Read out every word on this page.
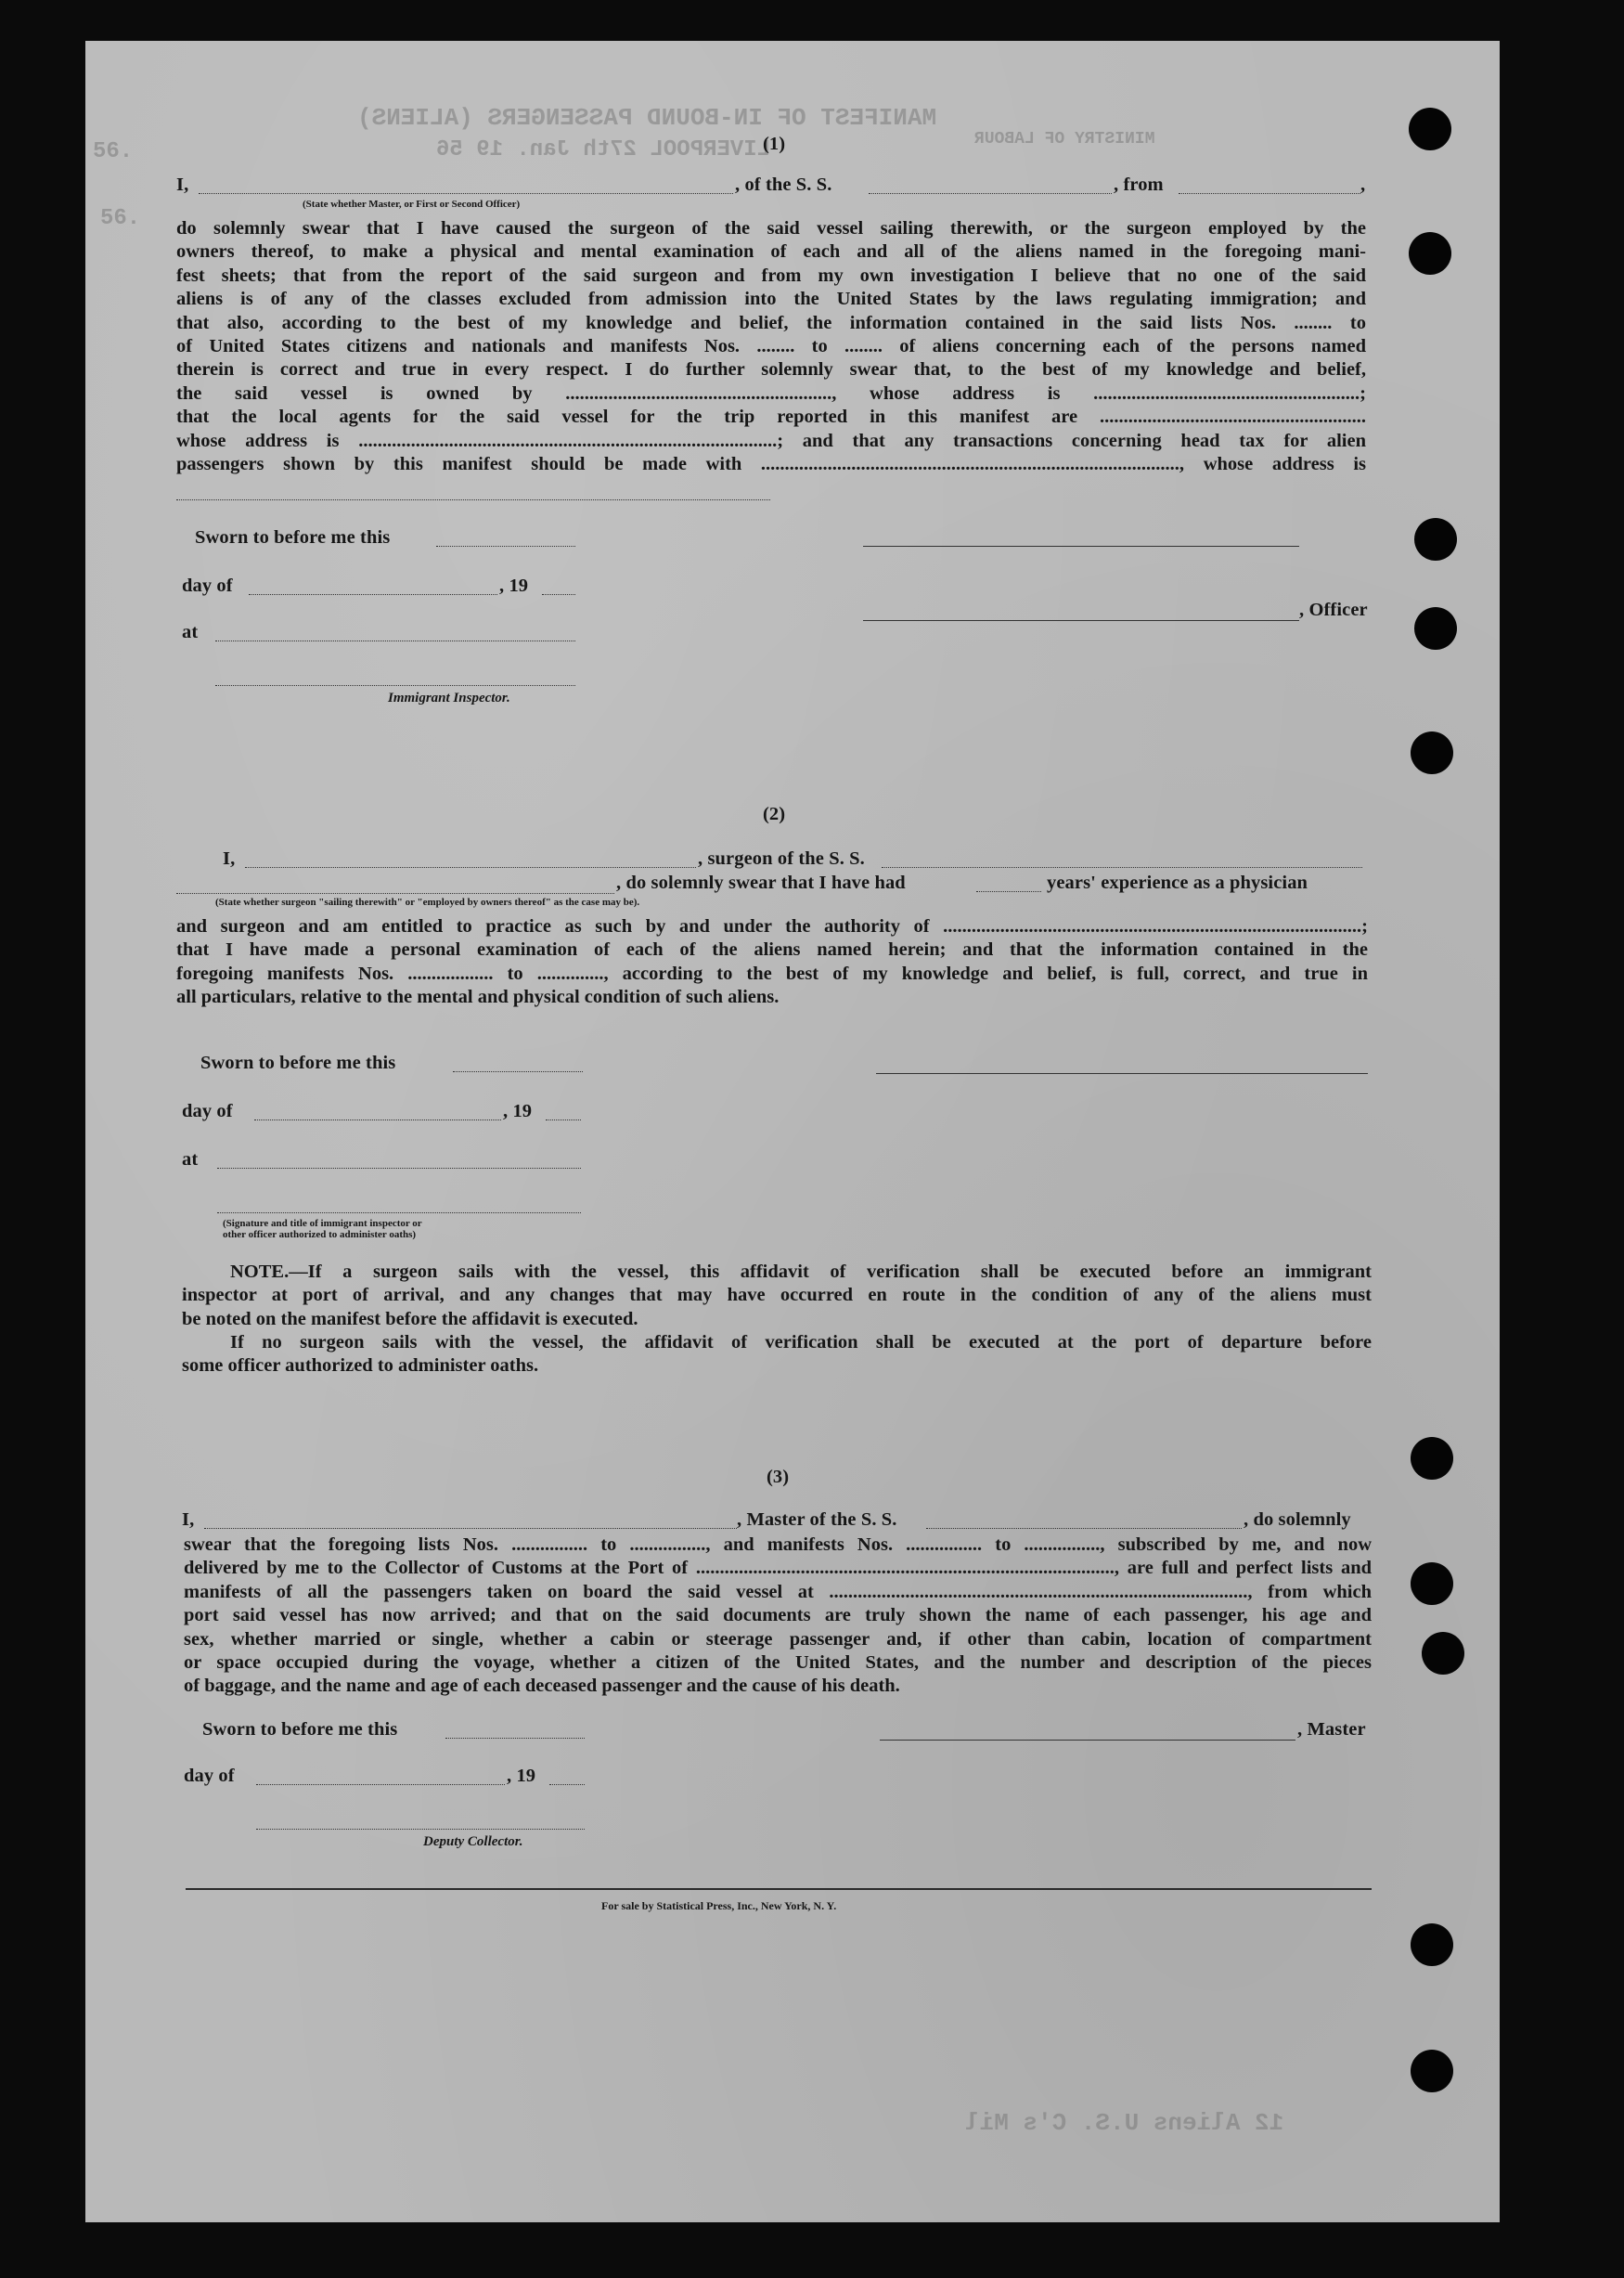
MANIFEST OF IN-BOUND PASSENGERS (ALIENS)
LIVERPOOL 27th Jan. 19 56	MINISTRY OF LABOUR
56.
56.
12 Aliens U.S. C's Mil
(1)
I,	, of the S. S.	, from	,
(State whether Master, or First or Second Officer)
do solemnly swear that I have caused the surgeon of the said vessel sailing therewith, or the surgeon employed by the
owners thereof, to make a physical and mental examination of each and all of the aliens named in the foregoing mani-
fest sheets; that from the report of the said surgeon and from my own investigation I believe that no one of the said
aliens is of any of the classes excluded from admission into the United States by the laws regulating immigration; and
that also, according to the best of my knowledge and belief, the information contained in the said lists Nos. ........ to
of United States citizens and nationals and manifests Nos. ........ to ........ of aliens concerning each of the persons named
therein is correct and true in every respect. I do further solemnly swear that, to the best of my knowledge and belief,
the said vessel is owned by ........................................................, whose address is ........................................................;
that the local agents for the said vessel for the trip reported in this manifest are ........................................................
whose address is ........................................................................................; and that any transactions concerning head tax for alien
passengers shown by this manifest should be made with ........................................................................................, whose address is
Sworn to before me this
day of	, 19
, Officer
at
Immigrant Inspector.
(2)
I,	, surgeon of the S. S.
, do solemnly swear that I have had	years' experience as a physician
(State whether surgeon "sailing therewith" or "employed by owners thereof" as the case may be).
and surgeon and am entitled to practice as such by and under the authority of ........................................................................................;
that I have made a personal examination of each of the aliens named herein; and that the information contained in the
foregoing manifests Nos. .................. to .............., according to the best of my knowledge and belief, is full, correct, and true in
all particulars, relative to the mental and physical condition of such aliens.
Sworn to before me this
day of	, 19
at
(Signature and title of immigrant inspector or
other officer authorized to administer oaths)
NOTE.—If a surgeon sails with the vessel, this affidavit of verification shall be executed before an immigrant
inspector at port of arrival, and any changes that may have occurred en route in the condition of any of the aliens must
be noted on the manifest before the affidavit is executed.
If no surgeon sails with the vessel, the affidavit of verification shall be executed at the port of departure before
some officer authorized to administer oaths.
(3)
I,	, Master of the S. S.	, do solemnly
swear that the foregoing lists Nos. ................ to ................, and manifests Nos. ................ to ................, subscribed by me, and now
delivered by me to the Collector of Customs at the Port of ........................................................................................, are full and perfect lists and
manifests of all the passengers taken on board the said vessel at ........................................................................................, from which
port said vessel has now arrived; and that on the said documents are truly shown the name of each passenger, his age and
sex, whether married or single, whether a cabin or steerage passenger and, if other than cabin, location of compartment
or space occupied during the voyage, whether a citizen of the United States, and the number and description of the pieces
of baggage, and the name and age of each deceased passenger and the cause of his death.
Sworn to before me this	, Master
day of	, 19
Deputy Collector.
For sale by Statistical Press, Inc., New York, N. Y.
